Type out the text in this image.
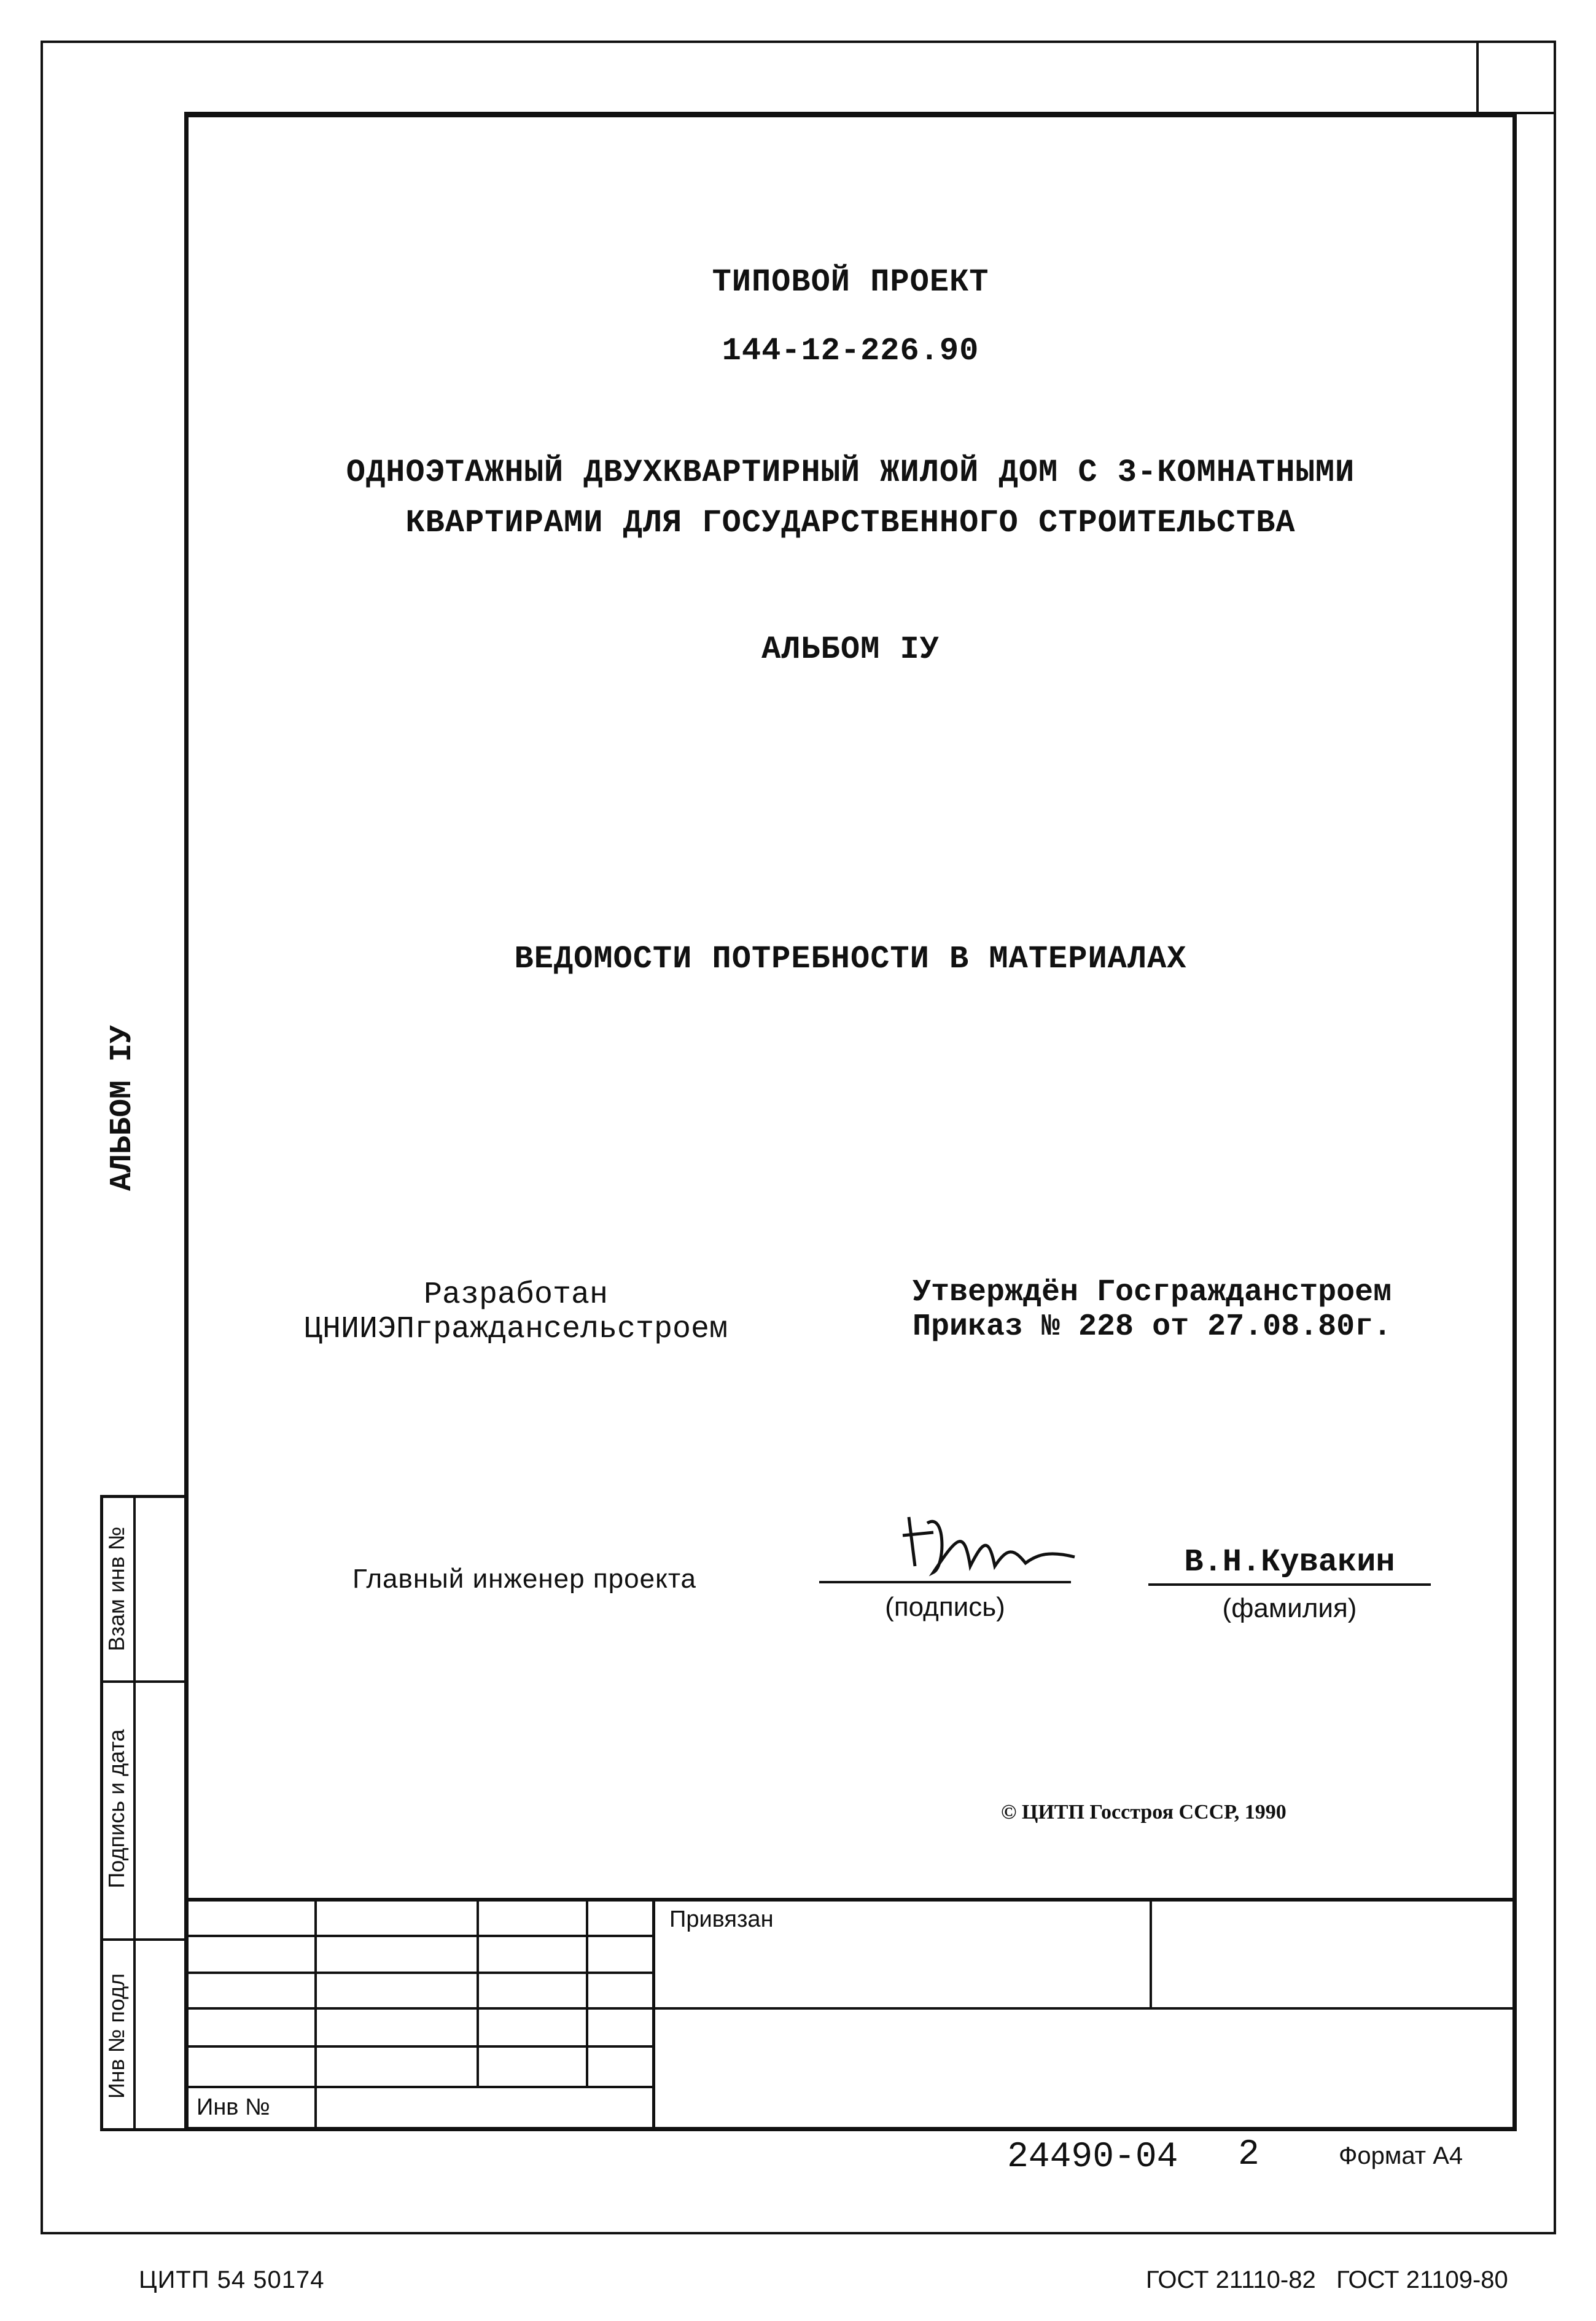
Взам инв №
Подпись и дата
Инв № подл
АЛЬБОМ IУ
ТИПОВОЙ ПРОЕКТ
144-12-226.90
ОДНОЭТАЖНЫЙ ДВУХКВАРТИРНЫЙ ЖИЛОЙ ДОМ С 3-КОМНАТНЫМИ
КВАРТИРАМИ ДЛЯ ГОСУДАРСТВЕННОГО СТРОИТЕЛЬСТВА
АЛЬБОМ IУ
ВЕДОМОСТИ ПОТРЕБНОСТИ В МАТЕРИАЛАХ
Разработан
ЦНИИЭПграждансельстроем
Утверждён Госгражданстроем
Приказ № 228 от 27.08.80г.
Главный инженер проекта
(подпись)
В.Н.Кувакин
(фамилия)
© ЦИТП Госстроя СССР, 1990
Привязан
Инв №
24490-04 2	Формат А4
ЦИТП 54 50174	ГОСТ 21110-82   ГОСТ 21109-80
